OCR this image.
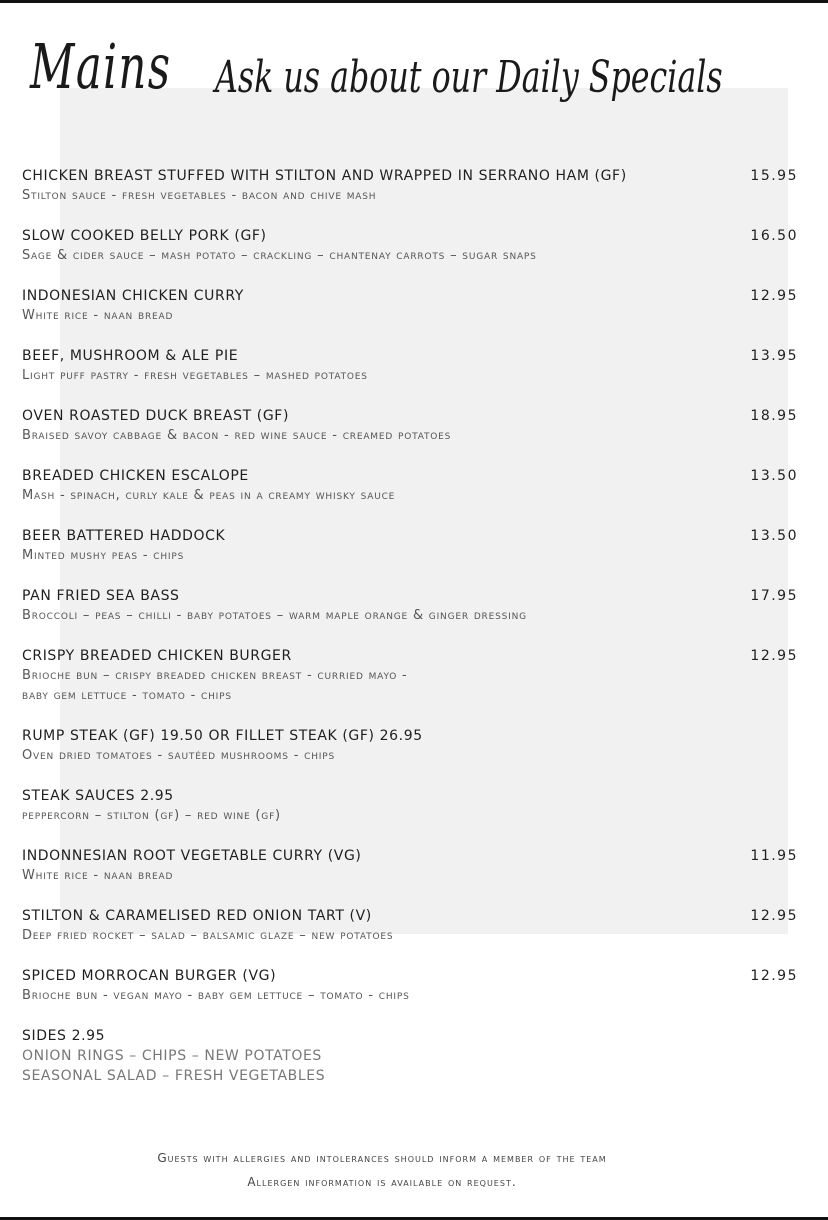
Mains Ask us about our Daily Specials
CHICKEN BREAST STUFFED WITH STILTON AND WRAPPED IN SERRANO HAM (GF)
Stilton sauce - fresh vegetables - bacon and chive mash
15.95
SLOW COOKED BELLY PORK (GF)
Sage & cider sauce – mash potato – crackling – chantenay carrots – sugar snaps
16.50
INDONESIAN CHICKEN CURRY
White rice - naan bread
12.95
BEEF, MUSHROOM & ALE PIE
Light puff pastry - fresh vegetables – mashed potatoes
13.95
OVEN ROASTED DUCK BREAST (GF)
Braised savoy cabbage & bacon - red wine sauce - creamed potatoes
18.95
BREADED CHICKEN ESCALOPE
Mash - spinach, curly kale & peas in a creamy whisky sauce
13.50
BEER BATTERED HADDOCK
Minted mushy peas - chips
13.50
PAN FRIED SEA BASS
Broccoli – peas – chilli - baby potatoes – warm maple orange & ginger dressing
17.95
CRISPY BREADED CHICKEN BURGER
Brioche bun – crispy breaded chicken breast - curried mayo -
baby gem lettuce - tomato - chips
12.95
RUMP STEAK (GF) 19.50 OR FILLET STEAK (GF) 26.95
Oven dried tomatoes - sautéed mushrooms - chips
STEAK SAUCES 2.95
peppercorn – stilton (gf) – red wine (gf)
INDONNESIAN ROOT VEGETABLE CURRY (VG)
White rice - naan bread
11.95
STILTON & CARAMELISED RED ONION TART (V)
Deep fried rocket – salad – balsamic glaze – new potatoes
12.95
SPICED MORROCAN BURGER (VG)
Brioche bun - vegan mayo - baby gem lettuce – tomato - chips
12.95
SIDES 2.95
ONION RINGS – CHIPS – NEW POTATOES
SEASONAL SALAD – FRESH VEGETABLES
Guests with allergies and intolerances should inform a member of the team
Allergen information is available on request.
